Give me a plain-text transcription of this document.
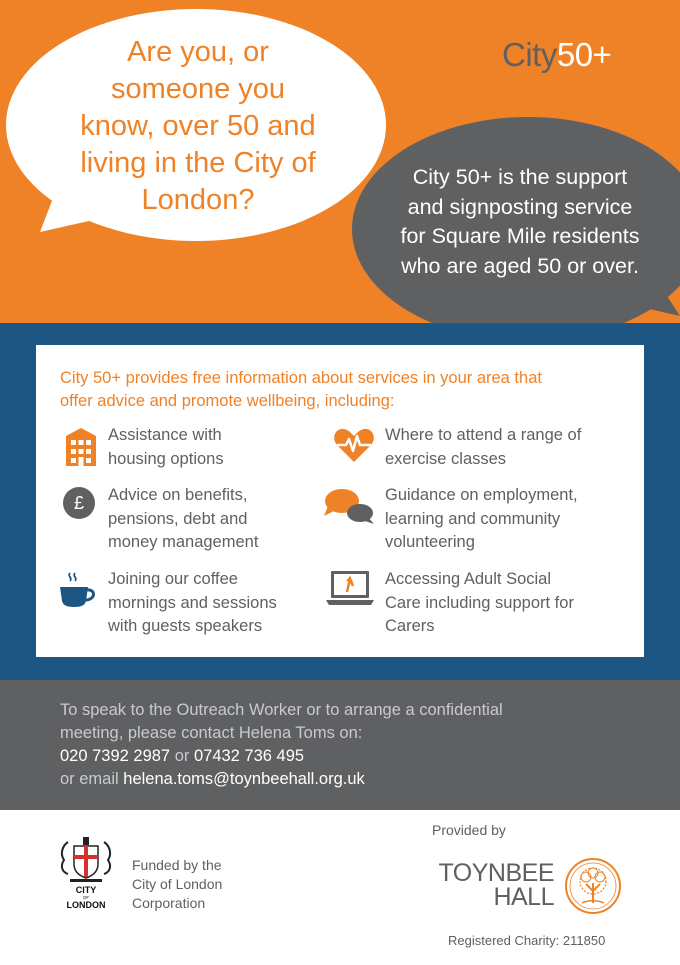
Are you, or
someone you
know, over 50 and
living in the City of
London?
City50+
City 50+ is the support
and signposting service
for Square Mile residents
who are aged 50 or over.
City 50+ provides free information about services in your area that
offer advice and promote wellbeing, including:
£
Assistance with
housing options
Where to attend a range of
exercise classes
Advice on benefits,
pensions, debt and
money management
Guidance on employment,
learning and community
volunteering
Joining our coffee
mornings and sessions
with guests speakers
Accessing Adult Social
Care including support for
Carers
To speak to the Outreach Worker or to arrange a confidential
meeting, please contact Helena Toms on:
020 7392 2987 or 07432 736 495
or email helena.toms@toynbeehall.org.uk
CITY
OF
LONDON
Funded by the
City of London
Corporation
Provided by
TOYNBEE
HALL
Registered Charity: 211850
